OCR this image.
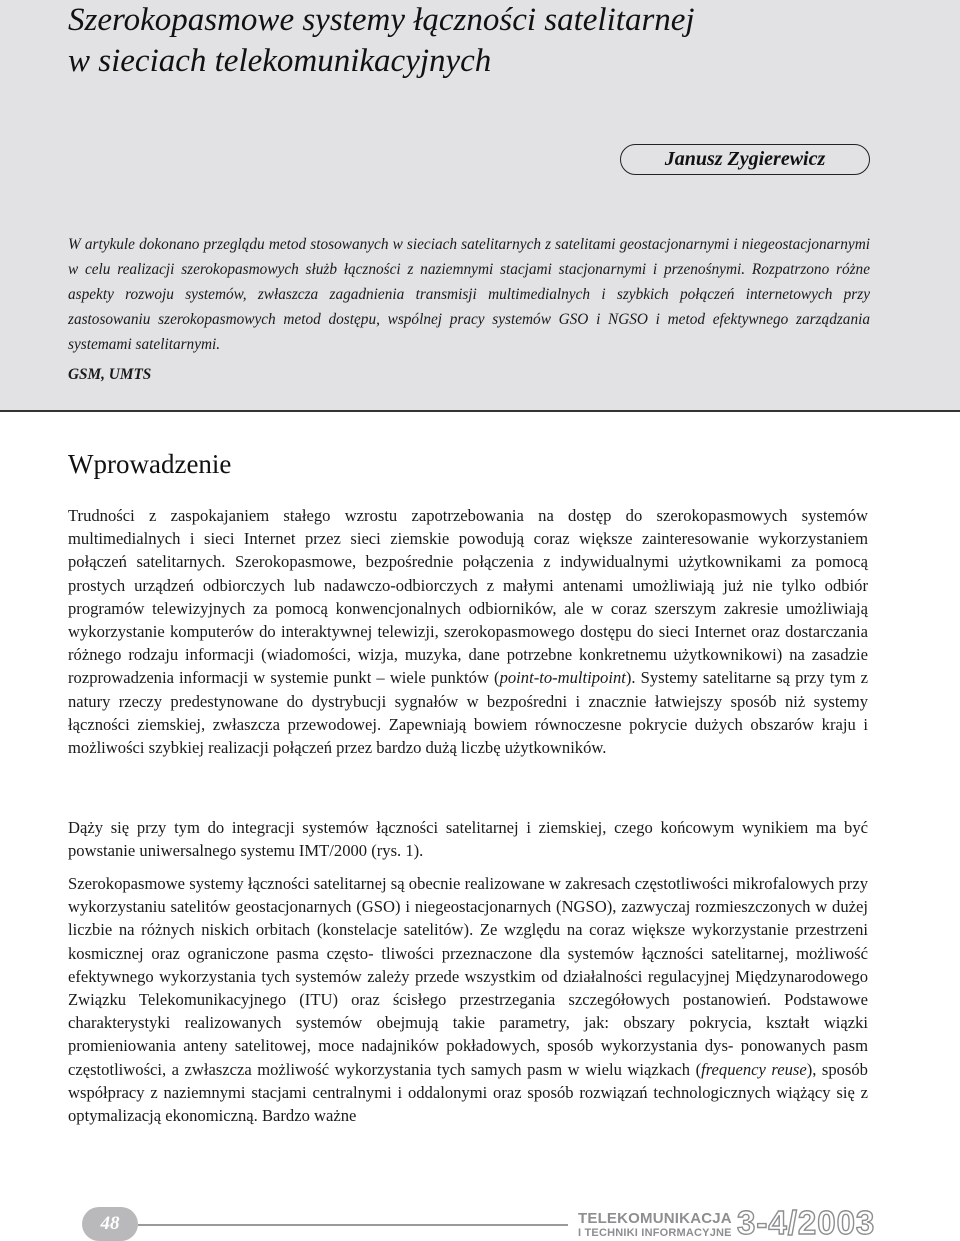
Szerokopasmowe systemy łączności satelitarnej
w sieciach telekomunikacyjnych
Janusz Zygierewicz

W artykule dokonano przeglądu metod stosowanych w sieciach satelitarnych z satelitami geostacjonarnymi i niegeostacjonarnymi w celu realizacji szerokopasmowych służb łączności z naziemnymi stacjami stacjonarnymi i przenośnymi. Rozpatrzono różne aspekty rozwoju systemów, zwłaszcza zagadnienia transmisji multimedialnych i szybkich połączeń internetowych przy zastosowaniu szerokopasmowych metod dostępu, wspólnej pracy systemów GSO i NGSO i metod efektywnego zarządzania systemami satelitarnymi.

GSM, UMTS

Wprowadzenie

Trudności z zaspokajaniem stałego wzrostu zapotrzebowania na dostęp do szerokopasmowych systemów multimedialnych i sieci Internet przez sieci ziemskie powodują coraz większe zainteresowanie wykorzystaniem połączeń satelitarnych. Szerokopasmowe, bezpośrednie połączenia z indywidualnymi użytkownikami za pomocą prostych urządzeń odbiorczych lub nadawczo-odbiorczych z małymi antenami umożliwiają już nie tylko odbiór programów telewizyjnych za pomocą konwencjonalnych odbiorników, ale w coraz szerszym zakresie umożliwiają wykorzystanie komputerów do interaktywnej telewizji, szerokopasmowego dostępu do sieci Internet oraz dostarczania różnego rodzaju informacji (wiadomości, wizja, muzyka, dane potrzebne konkretnemu użytkownikowi) na zasadzie rozprowadzenia informacji w systemie punkt – wiele punktów (point-to-multipoint). Systemy satelitarne są przy tym z natury rzeczy predestynowane do dystrybucji sygnałów w bezpośredni i znacznie łatwiejszy sposób niż systemy łączności ziemskiej, zwłaszcza przewodowej. Zapewniają bowiem równoczesne pokrycie dużych obszarów kraju i możliwości szybkiej realizacji połączeń przez bardzo dużą liczbę użytkowników.

Dąży się przy tym do integracji systemów łączności satelitarnej i ziemskiej, czego końcowym wynikiem ma być powstanie uniwersalnego systemu IMT/2000 (rys. 1).

Szerokopasmowe systemy łączności satelitarnej są obecnie realizowane w zakresach częstotliwości mikrofalowych przy wykorzystaniu satelitów geostacjonarnych (GSO) i niegeostacjonarnych (NGSO), zazwyczaj rozmieszczonych w dużej liczbie na różnych niskich orbitach (konstelacje satelitów). Ze względu na coraz większe wykorzystanie przestrzeni kosmicznej oraz ograniczone pasma często- tliwości przeznaczone dla systemów łączności satelitarnej, możliwość efektywnego wykorzystania tych systemów zależy przede wszystkim od działalności regulacyjnej Międzynarodowego Związku Telekomunikacyjnego (ITU) oraz ścisłego przestrzegania szczegółowych postanowień. Podstawowe charakterystyki realizowanych systemów obejmują takie parametry, jak: obszary pokrycia, kształt wiązki promieniowania anteny satelitowej, moce nadajników pokładowych, sposób wykorzystania dys- ponowanych pasm częstotliwości, a zwłaszcza możliwość wykorzystania tych samych pasm w wielu wiązkach (frequency reuse), sposób współpracy z naziemnymi stacjami centralnymi i oddalonymi oraz sposób rozwiązań technologicznych wiążący się z optymalizacją ekonomiczną. Bardzo ważne

48	TELEKOMUNIKACJA
I TECHNIKI INFORMACYJNE 3-4/2003
